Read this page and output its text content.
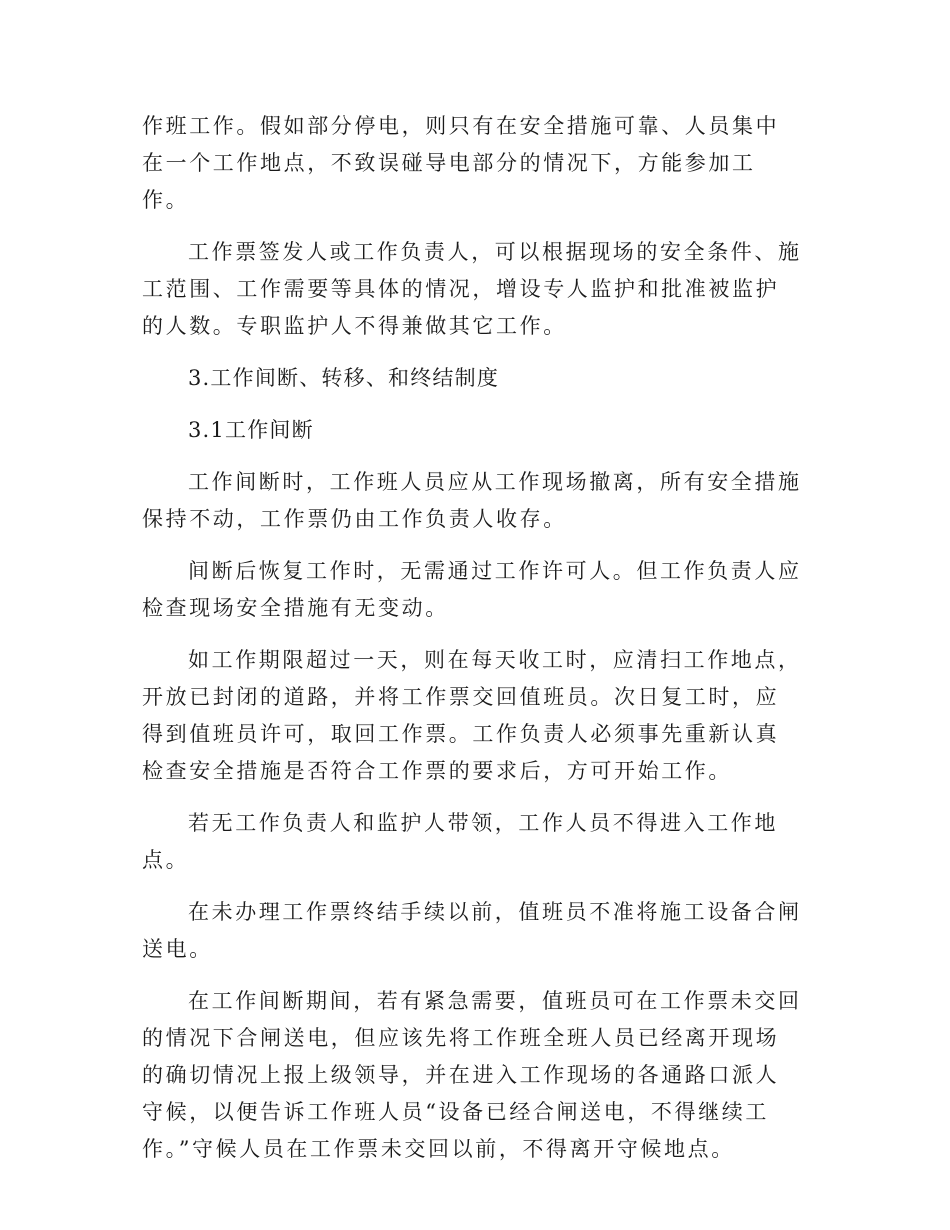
作班工作。假如部分停电，则只有在安全措施可靠、人员集中在一个工作地点，不致误碰导电部分的情况下，方能参加工作。

工作票签发人或工作负责人，可以根据现场的安全条件、施工范围、工作需要等具体的情况，增设专人监护和批准被监护的人数。专职监护人不得兼做其它工作。

3.工作间断、转移、和终结制度

3.1工作间断

工作间断时，工作班人员应从工作现场撤离，所有安全措施保持不动，工作票仍由工作负责人收存。

间断后恢复工作时，无需通过工作许可人。但工作负责人应检查现场安全措施有无变动。

如工作期限超过一天，则在每天收工时，应清扫工作地点，开放已封闭的道路，并将工作票交回值班员。次日复工时，应得到值班员许可，取回工作票。工作负责人必须事先重新认真检查安全措施是否符合工作票的要求后，方可开始工作。

若无工作负责人和监护人带领，工作人员不得进入工作地点。

在未办理工作票终结手续以前，值班员不准将施工设备合闸送电。

在工作间断期间，若有紧急需要，值班员可在工作票未交回的情况下合闸送电，但应该先将工作班全班人员已经离开现场的确切情况上报上级领导，并在进入工作现场的各通路口派人守候，以便告诉工作班人员“设备已经合闸送电，不得继续工作。”守候人员在工作票未交回以前，不得离开守候地点。
